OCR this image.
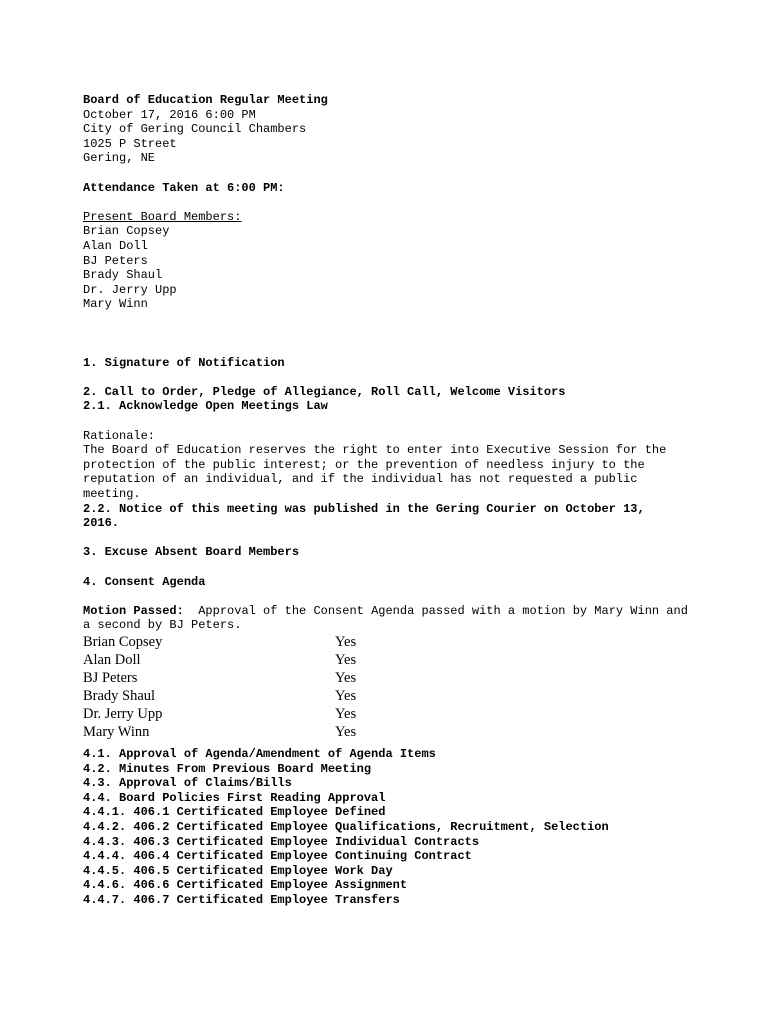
Board of Education Regular Meeting
October 17, 2016 6:00 PM
City of Gering Council Chambers
1025 P Street
Gering, NE
Attendance Taken at 6:00 PM:
Present Board Members:
Brian Copsey
Alan Doll
BJ Peters
Brady Shaul
Dr. Jerry Upp
Mary Winn
1. Signature of Notification
2. Call to Order, Pledge of Allegiance, Roll Call, Welcome Visitors
2.1. Acknowledge Open Meetings Law
Rationale:
The Board of Education reserves the right to enter into Executive Session for the protection of the public interest; or the prevention of needless injury to the reputation of an individual, and if the individual has not requested a public meeting.
2.2. Notice of this meeting was published in the Gering Courier on October 13, 2016.
3. Excuse Absent Board Members
4. Consent Agenda
Motion Passed: Approval of the Consent Agenda passed with a motion by Mary Winn and a second by BJ Peters.
Brian Copsey	Yes
Alan Doll	Yes
BJ Peters	Yes
Brady Shaul	Yes
Dr. Jerry Upp	Yes
Mary Winn	Yes
4.1. Approval of Agenda/Amendment of Agenda Items
4.2. Minutes From Previous Board Meeting
4.3. Approval of Claims/Bills
4.4. Board Policies First Reading Approval
4.4.1. 406.1 Certificated Employee Defined
4.4.2. 406.2 Certificated Employee Qualifications, Recruitment, Selection
4.4.3. 406.3 Certificated Employee Individual Contracts
4.4.4. 406.4 Certificated Employee Continuing Contract
4.4.5. 406.5 Certificated Employee Work Day
4.4.6. 406.6 Certificated Employee Assignment
4.4.7. 406.7 Certificated Employee Transfers
